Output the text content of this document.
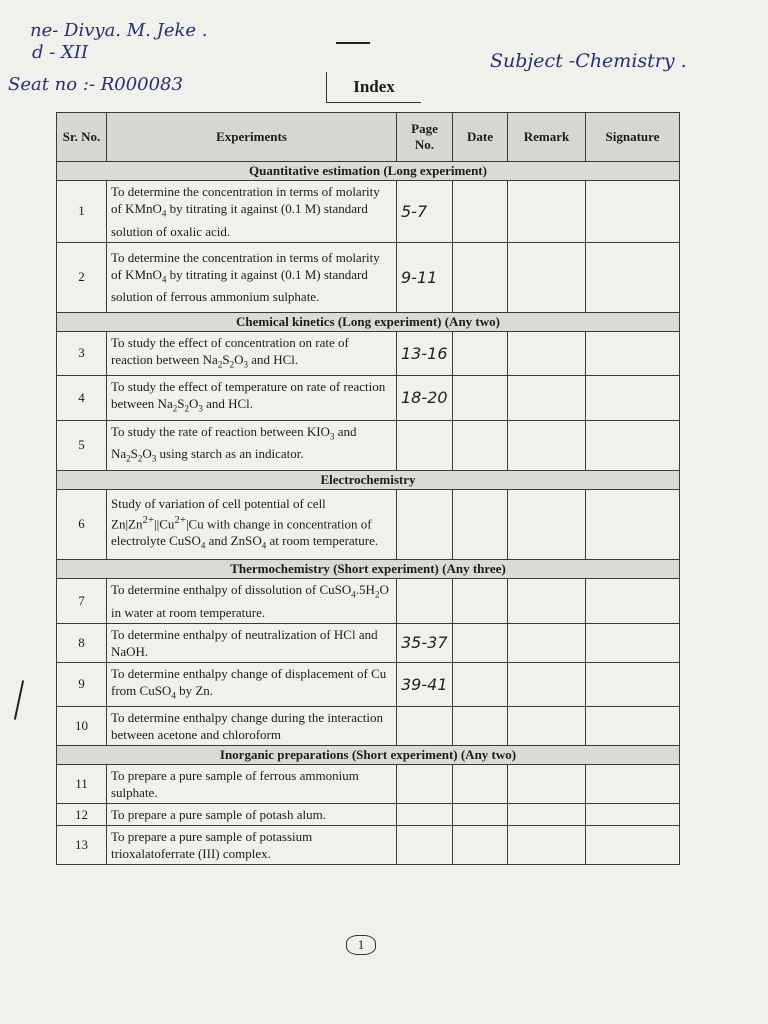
ne- Divya. M. Jeke .
d - XII
Seat no :- R000083
Subject -Chemistry .
Index
Sr. No.	Experiments	Page No.	Date	Remark	Signature
Quantitative estimation (Long experiment)					
1	To determine the concentration in terms of molarity of KMnO$_4$ by titrating it against (0.1 M) standard solution of oxalic acid.	5-7			
2	To determine the concentration in terms of molarity of KMnO$_4$ by titrating it against (0.1 M) standard solution of ferrous ammonium sulphate.	9-11			
Chemical kinetics (Long experiment) (Any two)					
3	To study the effect of concentration on rate of reaction between $Na_2S_2O_3$ and HCl.	13-16			
4	To study the effect of temperature on rate of reaction between $Na_2S_2O_3$ and HCl.	18-20			
5	To study the rate of reaction between $KIO_3$ and $Na_2S_2O_3$ using starch as an indicator.				
Electrochemistry					
6	Study of variation of cell potential of cell $Zn|Zn^{2+}||Cu^{2+}|Cu$ with change in concentration of electrolyte CuSO$_4$ and ZnSO$_4$ at room temperature.				
Thermochemistry (Short experiment) (Any three)					
7	To determine enthalpy of dissolution of $CuSO_4.5H_2O$ in water at room temperature.				
8	To determine enthalpy of neutralization of HCl and NaOH.	35-37			
9	To determine enthalpy change of displacement of Cu from CuSO$_4$ by Zn.	39-41			
10	To determine enthalpy change during the interaction between acetone and chloroform				
Inorganic preparations (Short experiment) (Any two)					
11	To prepare a pure sample of ferrous ammonium sulphate.				
12	To prepare a pure sample of potash alum.				
13	To prepare a pure sample of potassium trioxalatoferrate (III) complex.				
1
